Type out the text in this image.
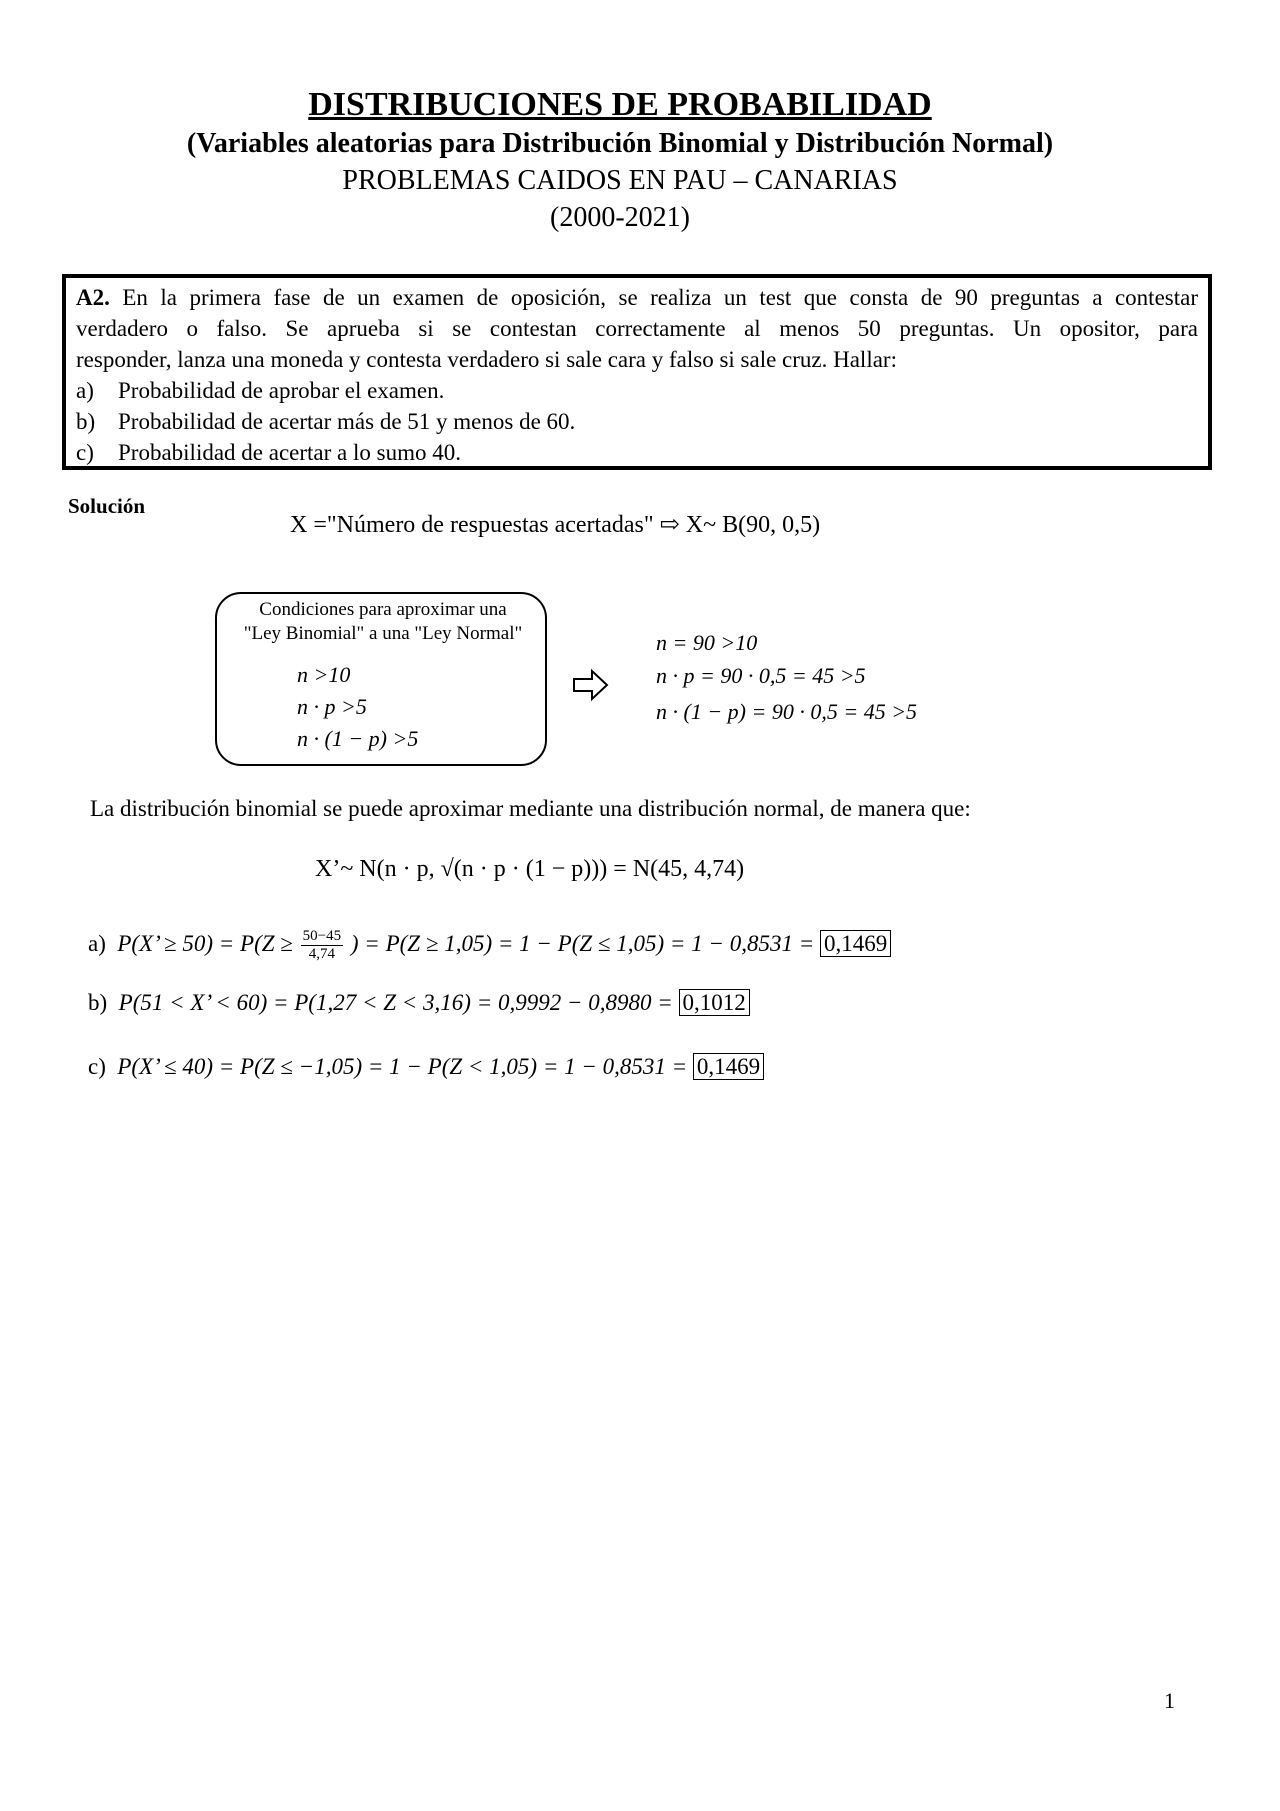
DISTRIBUCIONES DE PROBABILIDAD
(Variables aleatorias para Distribución Binomial y Distribución Normal)
PROBLEMAS CAIDOS EN PAU – CANARIAS
(2000-2021)
A2. En la primera fase de un examen de oposición, se realiza un test que consta de 90 preguntas a contestar
verdadero o falso. Se aprueba si se contestan correctamente al menos 50 preguntas. Un opositor, para
responder, lanza una moneda y contesta verdadero si sale cara y falso si sale cruz. Hallar:
a) Probabilidad de aprobar el examen.
b) Probabilidad de acertar más de 51 y menos de 60.
c) Probabilidad de acertar a lo sumo 40.
Solución
X ="Número de respuestas acertadas" ⇨ X~ B(90, 0,5)
Condiciones para aproximar una
"Ley Binomial" a una "Ley Normal"
n >10
n · p >5
n · (1 − p) >5
n = 90 >10
n · p = 90 · 0,5 = 45 >5
n · (1 − p) = 90 · 0,5 = 45 >5
La distribución binomial se puede aproximar mediante una distribución normal, de manera que:
X’~ N(n · p, √(n · p · (1 − p))) = N(45, 4,74)
a) P(X’ ≥ $50) = P(Z \ge \frac{50-45}{4,74}$ ) = P(Z ≥ 1,05) = 1 − P(Z ≤ 1,05) = 1 − 0,8531 = 0,1469
b) P(51 < X’ < 60) = P(1,27 < Z < 3,16) = 0,9992 − 0,8980 = 0,1012
c) P(X’ ≤ 40) = P(Z ≤ −1,05) = 1 − P(Z < 1,05) = 1 − 0,8531 = 0,1469
1
